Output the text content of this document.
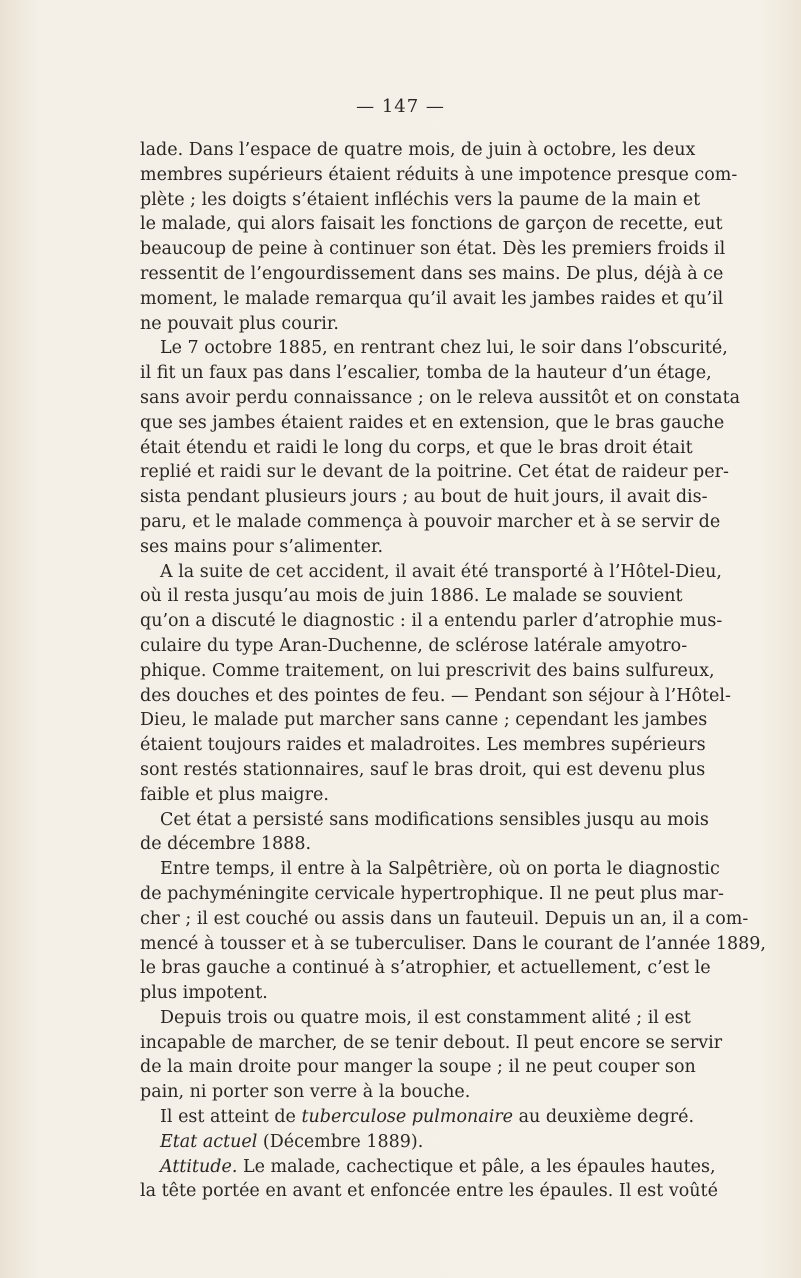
— 147 —
lade. Dans l’espace de quatre mois, de juin à octobre, les deux
membres supérieurs étaient réduits à une impotence presque com-
plète ; les doigts s’étaient infléchis vers la paume de la main et
le malade, qui alors faisait les fonctions de garçon de recette, eut
beaucoup de peine à continuer son état. Dès les premiers froids il
ressentit de l’engourdissement dans ses mains. De plus, déjà à ce
moment, le malade remarqua qu’il avait les jambes raides et qu’il
ne pouvait plus courir.
Le 7 octobre 1885, en rentrant chez lui, le soir dans l’obscurité,
il fit un faux pas dans l’escalier, tomba de la hauteur d’un étage,
sans avoir perdu connaissance ; on le releva aussitôt et on constata
que ses jambes étaient raides et en extension, que le bras gauche
était étendu et raidi le long du corps, et que le bras droit était
replié et raidi sur le devant de la poitrine. Cet état de raideur per-
sista pendant plusieurs jours ; au bout de huit jours, il avait dis-
paru, et le malade commença à pouvoir marcher et à se servir de
ses mains pour s’alimenter.
A la suite de cet accident, il avait été transporté à l’Hôtel-Dieu,
où il resta jusqu’au mois de juin 1886. Le malade se souvient
qu’on a discuté le diagnostic : il a entendu parler d’atrophie mus-
culaire du type Aran-Duchenne, de sclérose latérale amyotro-
phique. Comme traitement, on lui prescrivit des bains sulfureux,
des douches et des pointes de feu. — Pendant son séjour à l’Hôtel-
Dieu, le malade put marcher sans canne ; cependant les jambes
étaient toujours raides et maladroites. Les membres supérieurs
sont restés stationnaires, sauf le bras droit, qui est devenu plus
faible et plus maigre.
Cet état a persisté sans modifications sensibles jusqu au mois
de décembre 1888.
Entre temps, il entre à la Salpêtrière, où on porta le diagnostic
de pachyméningite cervicale hypertrophique. Il ne peut plus mar-
cher ; il est couché ou assis dans un fauteuil. Depuis un an, il a com-
mencé à tousser et à se tuberculiser. Dans le courant de l’année 1889,
le bras gauche a continué à s’atrophier, et actuellement, c’est le
plus impotent.
Depuis trois ou quatre mois, il est constamment alité ; il est
incapable de marcher, de se tenir debout. Il peut encore se servir
de la main droite pour manger la soupe ; il ne peut couper son
pain, ni porter son verre à la bouche.
Il est atteint de tuberculose pulmonaire au deuxième degré.
Etat actuel (Décembre 1889).
Attitude. Le malade, cachectique et pâle, a les épaules hautes,
la tête portée en avant et enfoncée entre les épaules. Il est voûté
